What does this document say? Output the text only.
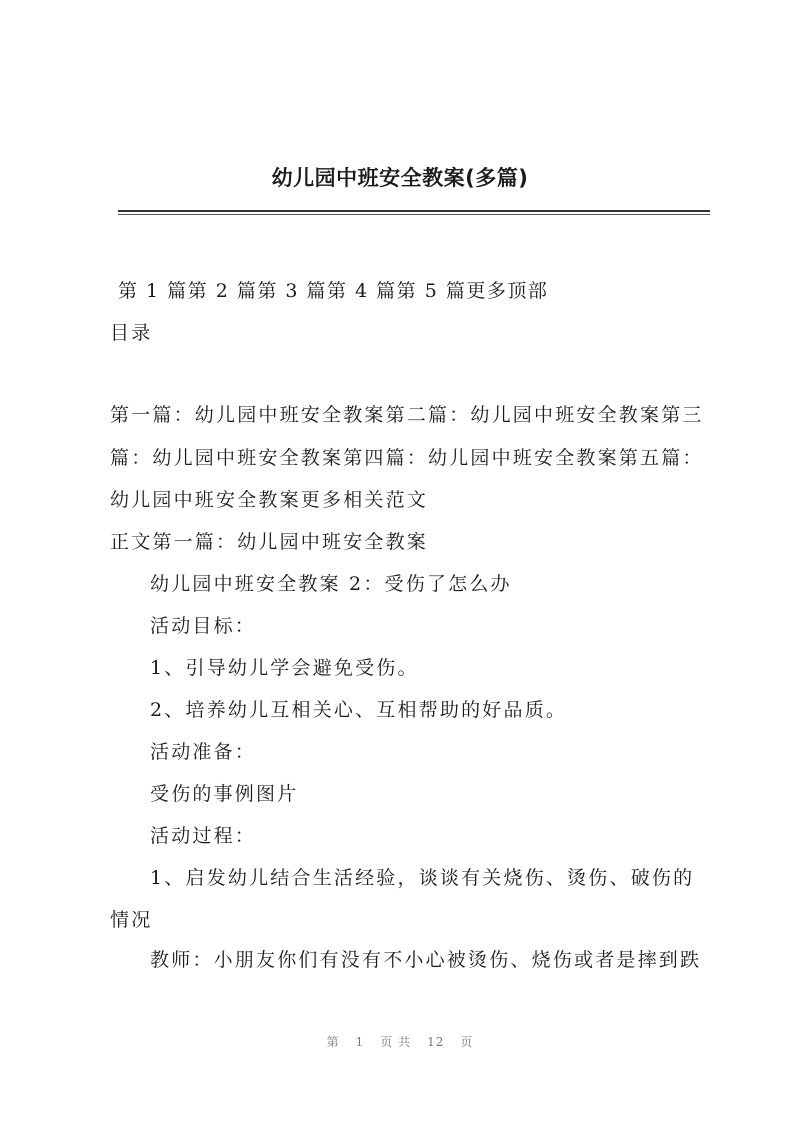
幼儿园中班安全教案(多篇)
第 1 篇第 2 篇第 3 篇第 4 篇第 5 篇更多顶部
目录
第一篇：幼儿园中班安全教案第二篇：幼儿园中班安全教案第三
篇：幼儿园中班安全教案第四篇：幼儿园中班安全教案第五篇：
幼儿园中班安全教案更多相关范文
正文第一篇：幼儿园中班安全教案
幼儿园中班安全教案 2：受伤了怎么办
活动目标：
1、引导幼儿学会避免受伤。
2、培养幼儿互相关心、互相帮助的好品质。
活动准备：
受伤的事例图片
活动过程：
1、启发幼儿结合生活经验，谈谈有关烧伤、烫伤、破伤的
情况
教师：小朋友你们有没有不小心被烫伤、烧伤或者是摔到跌
第 1 页 共 12 页
